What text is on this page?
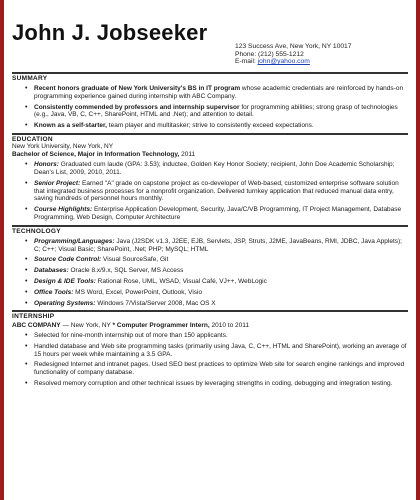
John J. Jobseeker
123 Success Ave, New York, NY 10017
Phone: (212) 555-1212
E-mail: john@yahoo.com
SUMMARY
• Recent honors graduate of New York University's BS in IT program whose academic credentials are reinforced by hands-on programming experience gained during internship with ABC Company.
• Consistently commended by professors and internship supervisor for programming abilities; strong grasp of technologies (e.g., Java, VB, C, C++, SharePoint, HTML and .Net); and attention to detail.
• Known as a self-starter, team player and multitasker; strive to consistently exceed expectations.
EDUCATION
New York University, New York, NY
Bachelor of Science, Major in Information Technology, 2011
• Honors: Graduated cum laude (GPA: 3.53); inductee, Golden Key Honor Society; recipient, John Doe Academic Scholarship; Dean's List, 2009, 2010, 2011.
• Senior Project: Earned "A" grade on capstone project as co-developer of Web-based, customized enterprise software solution that integrated business processes for a nonprofit organization. Delivered turnkey application that reduced manual data entry, saving hundreds of personnel hours monthly.
• Course Highlights: Enterprise Application Development, Security, Java/C/VB Programming, IT Project Management, Database Programming, Web Design, Computer Architecture
TECHNOLOGY
• Programming/Languages: Java (J2SDK v1.3, J2EE, EJB, Servlets, JSP, Struts, J2ME, JavaBeans, RMI, JDBC, Java Applets); C; C++; Visual Basic; SharePoint, .Net; PHP; MySQL; HTML
• Source Code Control: Visual SourceSafe, Git
• Databases: Oracle 8.x/9.x, SQL Server, MS Access
• Design & IDE Tools: Rational Rose, UML, WSAD, Visual Café, VJ++, WebLogic
• Office Tools: MS Word, Excel, PowerPoint, Outlook, Visio
• Operating Systems: Windows 7/Vista/Server 2008, Mac OS X
INTERNSHIP
ABC COMPANY — New York, NY * Computer Programmer Intern, 2010 to 2011
• Selected for nine-month internship out of more than 150 applicants.
• Handled database and Web site programming tasks (primarily using Java, C, C++, HTML and SharePoint), working an average of 15 hours per week while maintaining a 3.5 GPA.
• Redesigned Internet and intranet pages. Used SEO best practices to optimize Web site for search engine rankings and improved functionality of company database.
• Resolved memory corruption and other technical issues by leveraging strengths in coding, debugging and integration testing.
